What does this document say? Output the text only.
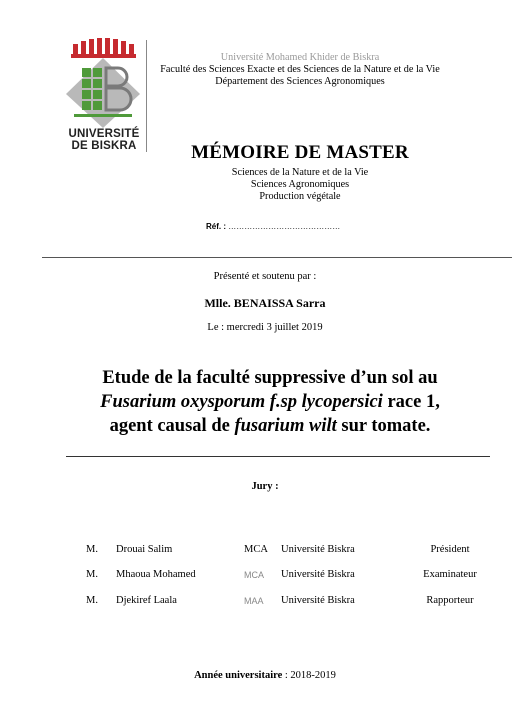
UNIVERSITÉ
DE BISKRA
Université Mohamed Khider de Biskra
Faculté des Sciences Exacte et des Sciences de la Nature et de la Vie
Département des Sciences Agronomiques
MÉMOIRE DE MASTER
Sciences de la Nature et de la Vie
Sciences Agronomiques
Production végétale
Réf. : ……………………………………
Présenté et soutenu par :
Mlle. BENAISSA Sarra
Le : mercredi 3 juillet 2019
Etude de la faculté suppressive d’un sol au
Fusarium oxysporum f.sp lycopersici race 1,
agent causal de fusarium wilt sur tomate.
Jury :
M. Drouai Salim	MCA Université Biskra	Président
M. Mhaoua Mohamed	MCA Université Biskra	Examinateur
M. Djekiref Laala	MAA Université Biskra	Rapporteur
Année universitaire : 2018-2019
